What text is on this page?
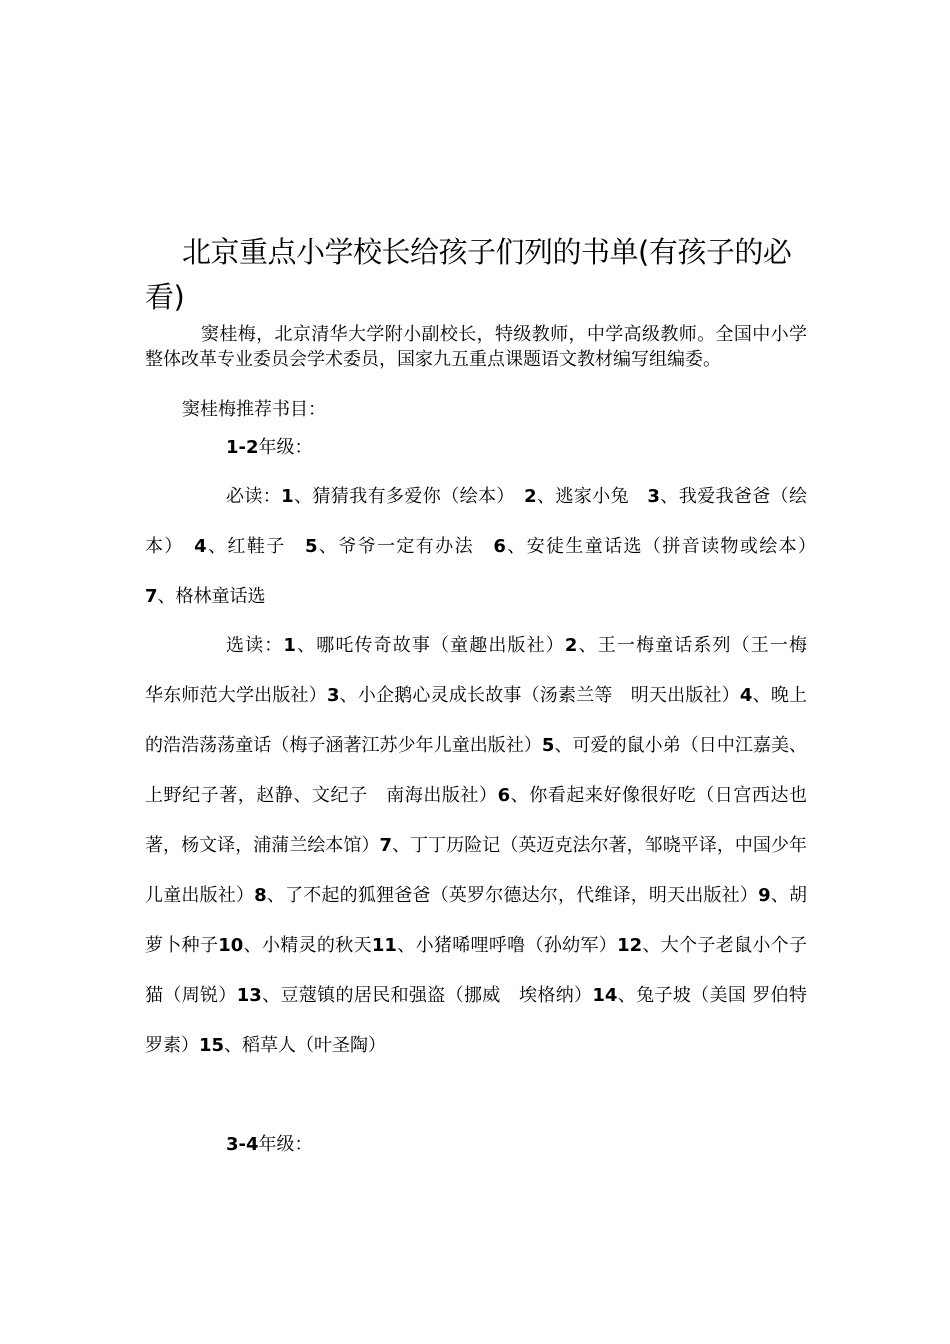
北京重点小学校长给孩子们列的书单(有孩子的必看)

窦桂梅，北京清华大学附小副校长，特级教师，中学高级教师。全国中小学整体改革专业委员会学术委员，国家九五重点课题语文教材编写组编委。

窦桂梅推荐书目：

1-2年级：

必读：1、猜猜我有多爱你（绘本）　2、逃家小兔　3、我爱我爸爸（绘本）　4、红鞋子　5、爷爷一定有办法　6、安徒生童话选（拼音读物或绘本）　7、格林童话选

选读：1、哪吒传奇故事（童趣出版社）2、王一梅童话系列（王一梅　华东师范大学出版社）3、小企鹅心灵成长故事（汤素兰等　明天出版社）4、晚上的浩浩荡荡童话（梅子涵著江苏少年儿童出版社）5、可爱的鼠小弟（日中江嘉美、上野纪子著，赵静、文纪子　南海出版社）6、你看起来好像很好吃（日宫西达也著，杨文译，浦蒲兰绘本馆）7、丁丁历险记（英迈克法尔著，邹晓平译，中国少年儿童出版社）8、了不起的狐狸爸爸（英罗尔德达尔，代维译，明天出版社）9、胡萝卜种子10、小精灵的秋天11、小猪唏哩呼噜（孙幼军）12、大个子老鼠小个子猫（周锐）13、豆蔻镇的居民和强盗（挪威　埃格纳）14、兔子坡（美国 罗伯特罗素）15、稻草人（叶圣陶）

3-4年级：
